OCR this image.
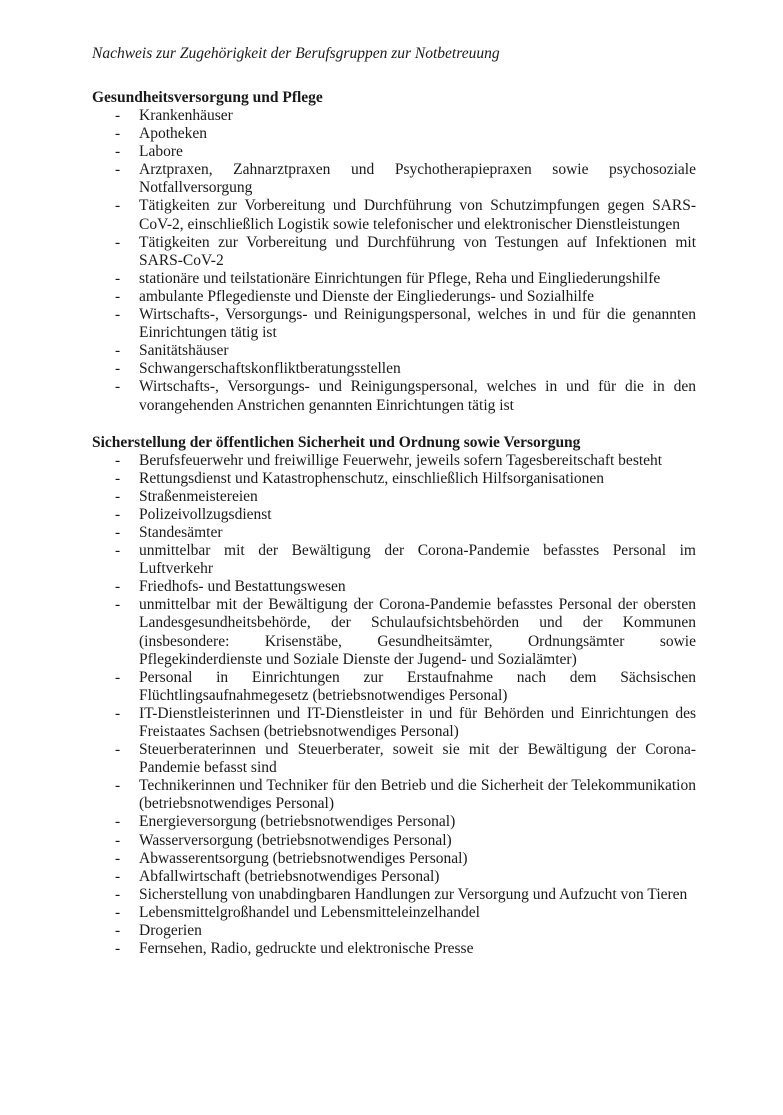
Nachweis zur Zugehörigkeit der Berufsgruppen zur Notbetreuung

Gesundheitsversorgung und Pflege

- Krankenhäuser
- Apotheken
- Labore
- Arztpraxen, Zahnarztpraxen und Psychotherapiepraxen sowie psychosoziale Notfallversorgung
- Tätigkeiten zur Vorbereitung und Durchführung von Schutzimpfungen gegen SARS-CoV-2, einschließlich Logistik sowie telefonischer und elektronischer Dienstleistungen
- Tätigkeiten zur Vorbereitung und Durchführung von Testungen auf Infektionen mit SARS-CoV-2
- stationäre und teilstationäre Einrichtungen für Pflege, Reha und Eingliederungshilfe
- ambulante Pflegedienste und Dienste der Eingliederungs- und Sozialhilfe
- Wirtschafts-, Versorgungs- und Reinigungspersonal, welches in und für die genannten Einrichtungen tätig ist
- Sanitätshäuser
- Schwangerschaftskonfliktberatungsstellen
- Wirtschafts-, Versorgungs- und Reinigungspersonal, welches in und für die in den vorangehenden Anstrichen genannten Einrichtungen tätig ist

Sicherstellung der öffentlichen Sicherheit und Ordnung sowie Versorgung

- Berufsfeuerwehr und freiwillige Feuerwehr, jeweils sofern Tagesbereitschaft besteht
- Rettungsdienst und Katastrophenschutz, einschließlich Hilfsorganisationen
- Straßenmeistereien
- Polizeivollzugsdienst
- Standesämter
- unmittelbar mit der Bewältigung der Corona-Pandemie befasstes Personal im Luftverkehr
- Friedhofs- und Bestattungswesen
- unmittelbar mit der Bewältigung der Corona-Pandemie befasstes Personal der obersten Landesgesundheitsbehörde, der Schulaufsichtsbehörden und der Kommunen (insbesondere: Krisenstäbe, Gesundheitsämter, Ordnungsämter sowie Pflegekinderdienste und Soziale Dienste der Jugend- und Sozialämter)
- Personal in Einrichtungen zur Erstaufnahme nach dem Sächsischen Flüchtlingsaufnahmegesetz (betriebsnotwendiges Personal)
- IT-Dienstleisterinnen und IT-Dienstleister in und für Behörden und Einrichtungen des Freistaates Sachsen (betriebsnotwendiges Personal)
- Steuerberaterinnen und Steuerberater, soweit sie mit der Bewältigung der Corona-Pandemie befasst sind
- Technikerinnen und Techniker für den Betrieb und die Sicherheit der Telekommunikation (betriebsnotwendiges Personal)
- Energieversorgung (betriebsnotwendiges Personal)
- Wasserversorgung (betriebsnotwendiges Personal)
- Abwasserentsorgung (betriebsnotwendiges Personal)
- Abfallwirtschaft (betriebsnotwendiges Personal)
- Sicherstellung von unabdingbaren Handlungen zur Versorgung und Aufzucht von Tieren
- Lebensmittelgroßhandel und Lebensmitteleinzelhandel
- Drogerien
- Fernsehen, Radio, gedruckte und elektronische Presse
